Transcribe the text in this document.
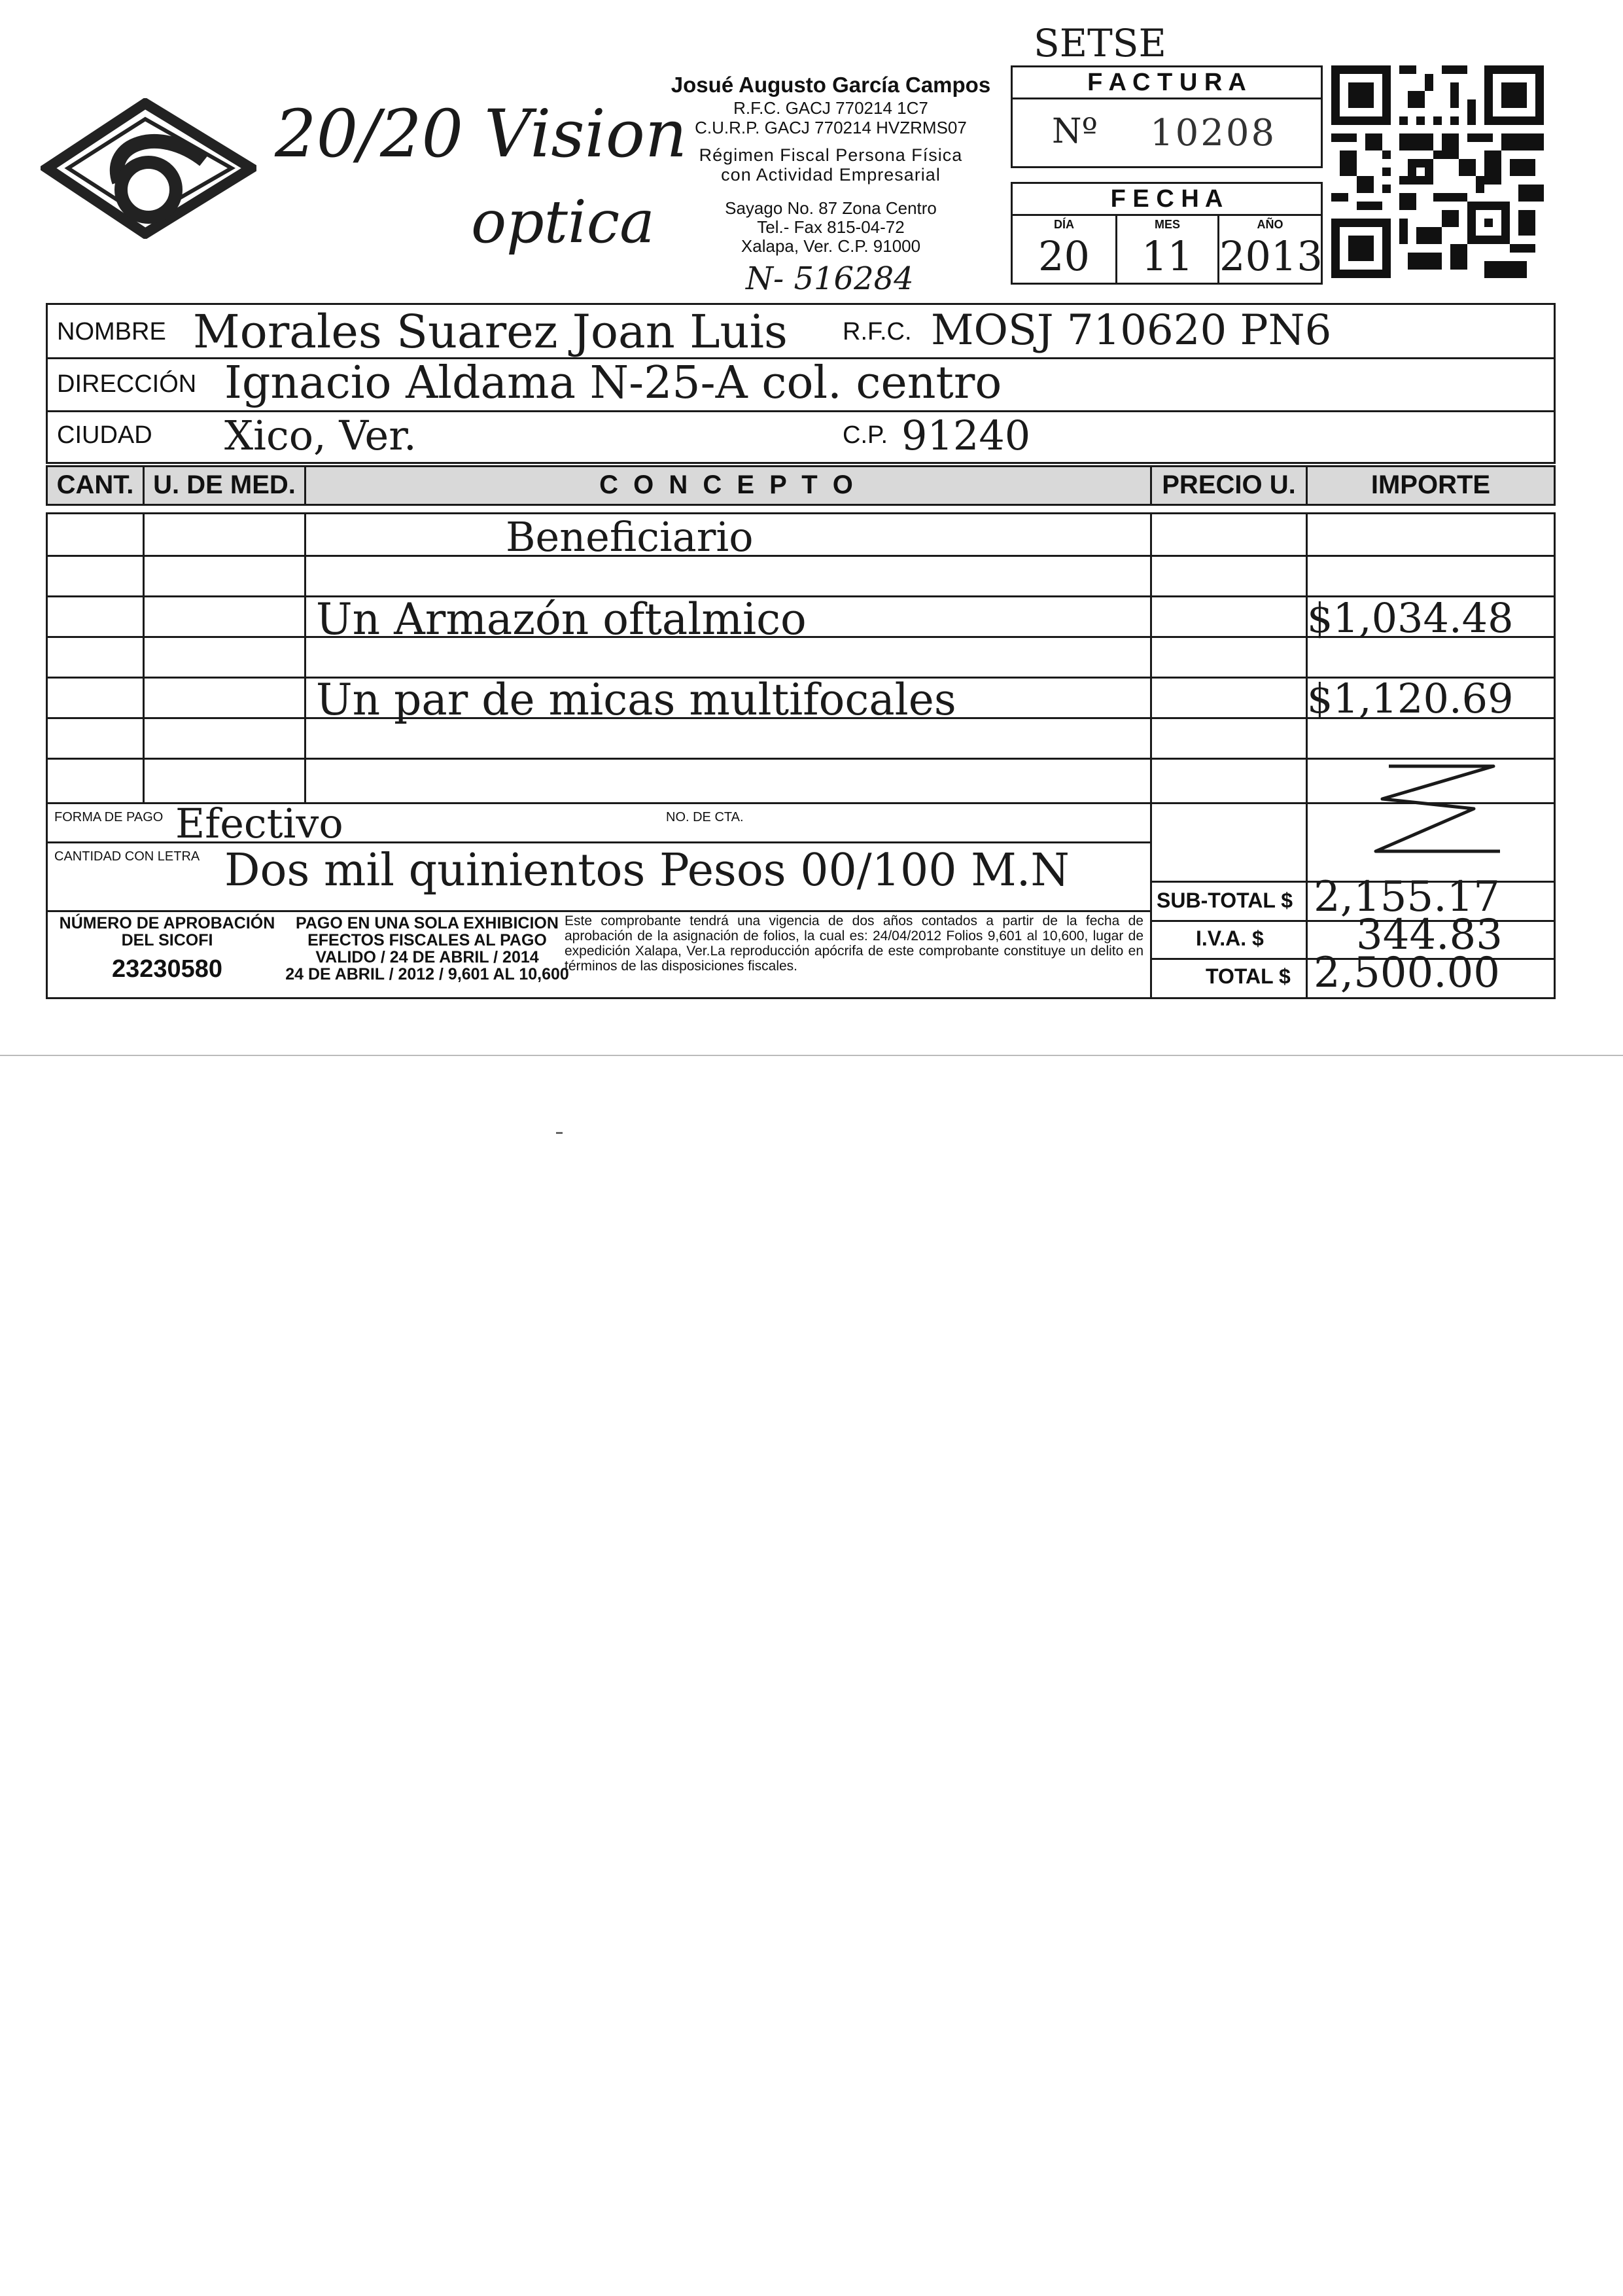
20/20 Vision
optica
Josué Augusto García Campos
R.F.C. GACJ 770214 1C7
C.U.R.P. GACJ 770214 HVZRMS07
Régimen Fiscal Persona Física
con Actividad Empresarial
Sayago No. 87 Zona Centro
Tel.- Fax 815-04-72
Xalapa, Ver. C.P. 91000
N- 516284
SETSE
F A C T U R A
Nº 10208
F E C H A
DÍA	MES	AÑO
20	11 2013
NOMBRE Morales Suarez Joan Luis R.F.C. MOSJ 710620 PN6
DIRECCIÓN Ignacio Aldama N-25-A col. centro
CIUDAD Xico, Ver.	C.P. 91240
CANT. U. DE MED.	C O N C E P T O	PRECIO U.	IMPORTE
Beneficiario
Un Armazón oftalmico	$1,034.48
Un par de micas multifocales	$1,120.69
FORMA DE PAGO Efectivo	NO. DE CTA.
CANTIDAD CON LETRA Dos mil quinientos Pesos 00/100 M.N
NÚMERO DE APROBACIÓN
DEL SICOFI
23230580
PAGO EN UNA SOLA EXHIBICION
EFECTOS FISCALES AL PAGO
VALIDO / 24 DE ABRIL / 2014
24 DE ABRIL / 2012 / 9,601 AL 10,600
Este comprobante tendrá una vigencia de dos años contados a partir de la fecha de aprobación de la asignación de folios, la cual es: 24/04/2012 Folios 9,601 al 10,600, lugar de expedición Xalapa, Ver.La reproducción apócrifa de este comprobante constituye un delito en términos de las disposiciones fiscales.
SUB-TOTAL $ 2,155.17
I.V.A. $ 344.83
TOTAL $ 2,500.00
